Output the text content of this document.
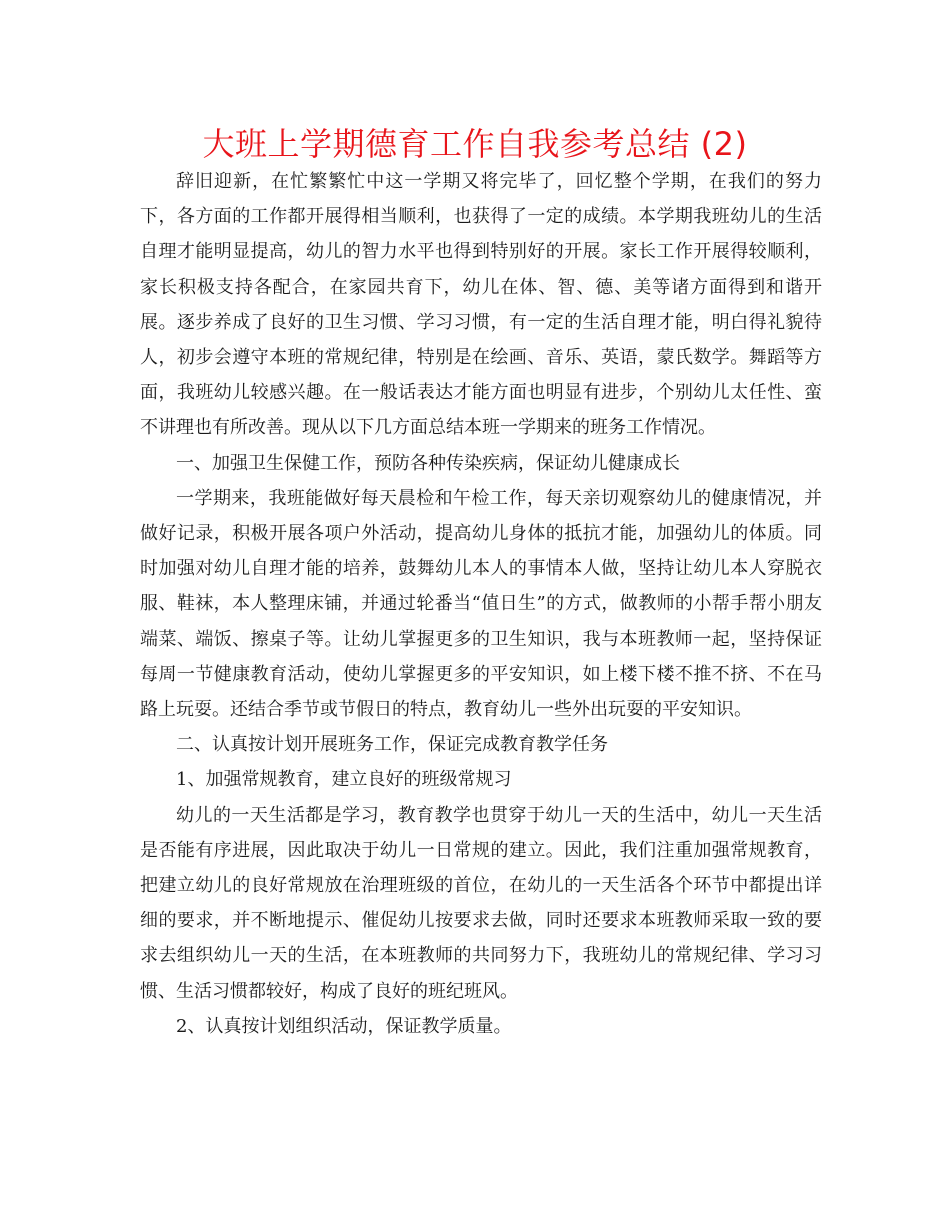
大班上学期德育工作自我参考总结 (2)

辞旧迎新，在忙繁繁忙中这一学期又将完毕了，回忆整个学期，在我们的努力下，各方面的工作都开展得相当顺利，也获得了一定的成绩。本学期我班幼儿的生活自理才能明显提高，幼儿的智力水平也得到特别好的开展。家长工作开展得较顺利，家长积极支持各配合，在家园共育下，幼儿在体、智、德、美等诸方面得到和谐开展。逐步养成了良好的卫生习惯、学习习惯，有一定的生活自理才能，明白得礼貌待人，初步会遵守本班的常规纪律，特别是在绘画、音乐、英语，蒙氏数学。舞蹈等方面，我班幼儿较感兴趣。在一般话表达才能方面也明显有进步，个别幼儿太任性、蛮不讲理也有所改善。现从以下几方面总结本班一学期来的班务工作情况。

一、加强卫生保健工作，预防各种传染疾病，保证幼儿健康成长

一学期来，我班能做好每天晨检和午检工作，每天亲切观察幼儿的健康情况，并做好记录，积极开展各项户外活动，提高幼儿身体的抵抗才能，加强幼儿的体质。同时加强对幼儿自理才能的培养，鼓舞幼儿本人的事情本人做，坚持让幼儿本人穿脱衣服、鞋袜，本人整理床铺，并通过轮番当“值日生”的方式，做教师的小帮手帮小朋友端菜、端饭、擦桌子等。让幼儿掌握更多的卫生知识，我与本班教师一起，坚持保证每周一节健康教育活动，使幼儿掌握更多的平安知识，如上楼下楼不推不挤、不在马路上玩耍。还结合季节或节假日的特点，教育幼儿一些外出玩耍的平安知识。

二、认真按计划开展班务工作，保证完成教育教学任务

1、加强常规教育，建立良好的班级常规习

幼儿的一天生活都是学习，教育教学也贯穿于幼儿一天的生活中，幼儿一天生活是否能有序进展，因此取决于幼儿一日常规的建立。因此，我们注重加强常规教育，把建立幼儿的良好常规放在治理班级的首位，在幼儿的一天生活各个环节中都提出详细的要求，并不断地提示、催促幼儿按要求去做，同时还要求本班教师采取一致的要求去组织幼儿一天的生活，在本班教师的共同努力下，我班幼儿的常规纪律、学习习惯、生活习惯都较好，构成了良好的班纪班风。

2、认真按计划组织活动，保证教学质量。
